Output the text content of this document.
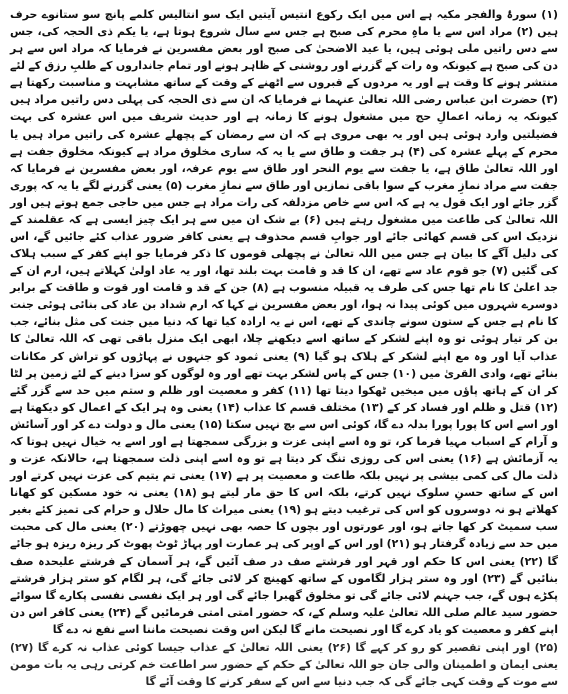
(۱) سورۂ والفجر مکیہ ہے اس میں ایک رکوع انتیس آیتیں ایک سو انتالیس کلمے پانچ سو ستانوے حرف ہیں (۲) مراد اس سے یا ماہِ محرم کی صبح ہے جس سے سال شروع ہوتا ہے، یا یکم ذی الحجہ کی، جس سے دس راتیں ملی ہوئی ہیں، یا عید الاضحیٰ کی صبح اور بعض مفسرین نے فرمایا کہ مراد اس سے ہر دن کی صبح ہے کیونکہ وہ رات کے گزرنے اور روشنی کے ظاہر ہونے اور تمام جانداروں کے طلبِ رزق کے لئے منتشر ہونے کا وقت ہے اور یہ مردوں کے قبروں سے اٹھنے کے وقت کے ساتھ مشابہت و مناسبت رکھتا ہے (۳) حضرت ابن عباس رضی اللہ تعالیٰ عنہما نے فرمایا کہ ان سے ذی الحجہ کی پہلی دس راتیں مراد ہیں کیونکہ یہ زمانہ اعمالِ حج میں مشغول ہونے کا زمانہ ہے اور حدیث شریف میں اس عشرہ کی بہت فضیلتیں وارد ہوئی ہیں اور یہ بھی مروی ہے کہ ان سے رمضان کے پچھلے عشرہ کی راتیں مراد ہیں یا محرم کے پہلے عشرہ کی (۴) ہر جفت و طاق سے یا یہ کہ ساری مخلوق مراد ہے کیونکہ مخلوق جفت ہے اور اللہ تعالیٰ طاق ہے، یا جفت سے یوم النحر اور طاق سے یوم عرفہ، اور بعض مفسرین نے فرمایا کہ جفت سے مراد نمازِ مغرب کے سوا باقی نمازیں اور طاق سے نمازِ مغرب (۵) یعنی گزرنے لگے یا یہ کہ پوری گزر جائے اور ایک قول یہ ہے کہ اس سے خاص مزدلفہ کی رات مراد ہے جس میں حاجی جمع ہوتے ہیں اور اللہ تعالیٰ کی طاعت میں مشغول رہتے ہیں (۶) بے شک ان میں سے ہر ایک چیز ایسی ہے کہ عقلمند کے نزدیک اس کی قسم کھائی جائے اور جوابِ قسم محذوف ہے یعنی کافر ضرور عذاب کئے جائیں گے، اس کی دلیل آگے کا بیان ہے جس میں اللہ تعالیٰ نے پچھلی قوموں کا ذکر فرمایا جو اپنے کفر کے سبب ہلاک کی گئیں (۷) جو قوم عاد سے تھے، ان کا قد و قامت بہت بلند تھا، اور یہ عاد اولیٰ کہلاتے ہیں، ارم ان کے جد اعلیٰ کا نام تھا جس کی طرف یہ قبیلہ منسوب ہے (۸) جن کے قد و قامت اور قوت و طاقت کے برابر دوسرے شہروں میں کوئی پیدا نہ ہوا، اور بعض مفسرین نے کہا کہ ارم شداد بن عاد کی بنائی ہوئی جنت کا نام ہے جس کے ستون سونے چاندی کے تھے، اس نے یہ ارادہ کیا تھا کہ دنیا میں جنت کی مثل بنائے، جب بن کر تیار ہوئی تو وہ اپنے لشکر کے ساتھ اسے دیکھنے چلا، ابھی ایک منزل باقی تھی کہ اللہ تعالیٰ کا عذاب آیا اور وہ مع اپنے لشکر کے ہلاک ہو گیا (۹) یعنی ثمود کو جنہوں نے پہاڑوں کو تراش کر مکانات بنائے تھے، وادی القریٰ میں (۱۰) جس کے پاس لشکر بہت تھے اور وہ لوگوں کو سزا دینے کے لئے زمین پر لٹا کر ان کے ہاتھ پاؤں میں میخیں ٹھکوا دیتا تھا (۱۱) کفر و معصیت اور ظلم و ستم میں حد سے گزر گئے (۱۲) قتل و ظلم اور فساد کر کے (۱۳) مختلف قسم کا عذاب (۱۴) یعنی وہ ہر ایک کے اعمال کو دیکھتا ہے اور اسے اس کا پورا پورا بدلہ دے گا، کوئی اس سے بچ نہیں سکتا (۱۵) یعنی مال و دولت دے کر اور آسائش و آرام کے اسباب مہیا فرما کر، تو وہ اسے اپنی عزت و بزرگی سمجھتا ہے اور اسے یہ خیال نہیں ہوتا کہ یہ آزمائش ہے (۱۶) یعنی اس کی روزی تنگ کر دیتا ہے تو وہ اسے اپنی ذلت سمجھتا ہے، حالانکہ عزت و ذلت مال کی کمی بیشی پر نہیں بلکہ طاعت و معصیت پر ہے (۱۷) یعنی تم یتیم کی عزت نہیں کرتے اور اس کے ساتھ حسنِ سلوک نہیں کرتے، بلکہ اس کا حق مار لیتے ہو (۱۸) یعنی نہ خود مسکین کو کھانا کھلاتے ہو نہ دوسروں کو اس کی ترغیب دیتے ہو (۱۹) یعنی میراث کا مال حلال و حرام کی تمیز کئے بغیر سب سمیٹ کر کھا جاتے ہو، اور عورتوں اور بچوں کا حصہ بھی نہیں چھوڑتے (۲۰) یعنی مال کی محبت میں حد سے زیادہ گرفتار ہو (۲۱) اور اس کے اوپر کی ہر عمارت اور پہاڑ ٹوٹ پھوٹ کر ریزہ ریزہ ہو جائے گا (۲۲) یعنی اس کا حکم اور قہر اور فرشتے صف در صف آئیں گے، ہر آسمان کے فرشتے علیحدہ صف بنائیں گے (۲۳) اور وہ ستر ہزار لگاموں کے ساتھ کھینچ کر لائی جائے گی، ہر لگام کو ستر ہزار فرشتے پکڑے ہوں گے، جب جہنم لائی جائے گی تو مخلوق گھبرا جائے گی اور ہر ایک نفسی نفسی پکارے گا سوائے حضور سید عالم صلی اللہ تعالیٰ علیہ وسلم کے، کہ حضور امتی امتی فرمائیں گے (۲۴) یعنی کافر اس دن اپنے کفر و معصیت کو یاد کرے گا اور نصیحت مانے گا لیکن اس وقت نصیحت ماننا اسے نفع نہ دے گا

(۲۵) اور اپنی تقصیر کو رو کر کہے گا (۲۶) یعنی اللہ تعالیٰ کے عذاب جیسا کوئی عذاب نہ کرے گا (۲۷) یعنی ایمان و اطمینان والی جان جو اللہ تعالیٰ کے حکم کے حضور سر اطاعت خم کرتی رہی یہ بات مومن سے موت کے وقت کہی جائے گی کہ جب دنیا سے اس کے سفر کرنے کا وقت آئے گا
